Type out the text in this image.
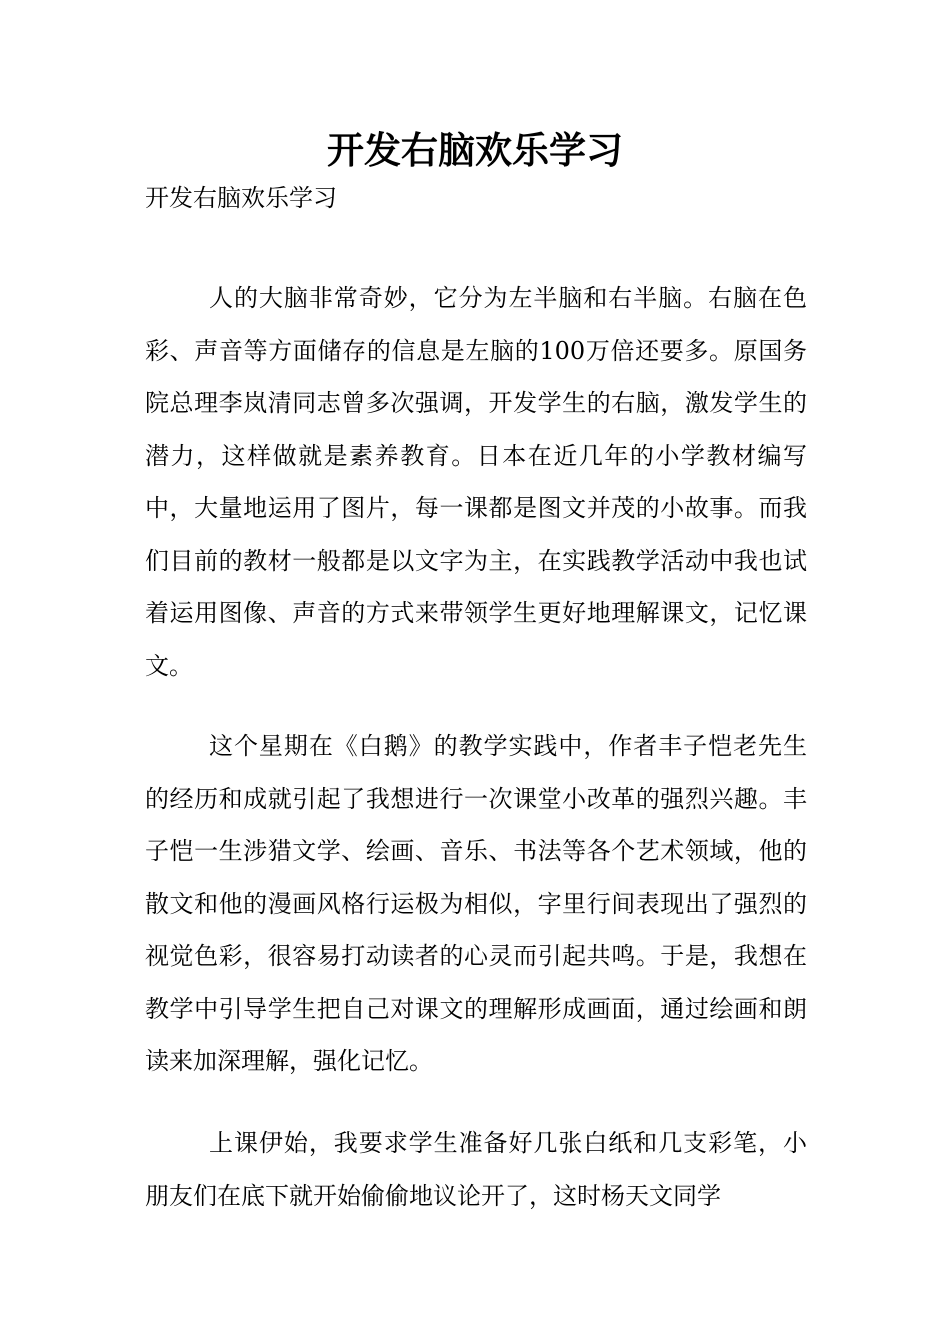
开发右脑欢乐学习

开发右脑欢乐学习

人的大脑非常奇妙，它分为左半脑和右半脑。右脑在色彩、声音等方面储存的信息是左脑的100万倍还要多。原国务院总理李岚清同志曾多次强调，开发学生的右脑，激发学生的潜力，这样做就是素养教育。日本在近几年的小学教材编写中，大量地运用了图片，每一课都是图文并茂的小故事。而我们目前的教材一般都是以文字为主，在实践教学活动中我也试着运用图像、声音的方式来带领学生更好地理解课文，记忆课文。

这个星期在《白鹅》的教学实践中，作者丰子恺老先生的经历和成就引起了我想进行一次课堂小改革的强烈兴趣。丰子恺一生涉猎文学、绘画、音乐、书法等各个艺术领域，他的散文和他的漫画风格行运极为相似，字里行间表现出了强烈的视觉色彩，很容易打动读者的心灵而引起共鸣。于是，我想在教学中引导学生把自己对课文的理解形成画面，通过绘画和朗读来加深理解，强化记忆。

上课伊始，我要求学生准备好几张白纸和几支彩笔，小朋友们在底下就开始偷偷地议论开了，这时杨天文同学
